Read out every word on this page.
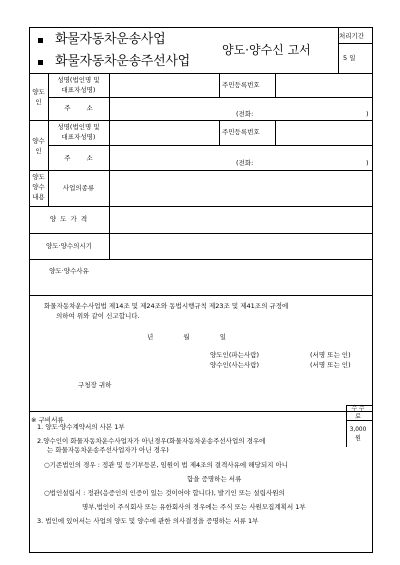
화물자동차운송사업
화물자동차운송주선사업
양도·양수신 고서
처리기간
5 일
양도
인
성명(법인명 및
대표자성명)
주민등록번호
주 소
(전화:	)
양수
인
성명(법인명 및
대표자성명)
주민등록번호
주 소
(전화:	)
양도
양수
내용
사업의종류
양 도 가 격
양도·양수의시기
양도·양수사유
화물자동차운수사업법 제14조 및 제24조와 동법시행규칙 제23조 및 제41조의 규정에
의하여 위와 같이 신고합니다.
년 월 일
양도인(파는사람)	(서명 또는 인)
양수인(사는사람)	(서명 또는 인)
구청장 귀하
※ 구비서류
수 수
료
3,000
원
1. 양도·양수계약서의 사본 1부
2.양수인이 화물자동차운수사업자가 아닌경우(화물자동차운송주선사업의 경우에
는 화물자동차운송주선사업자가 아닌 경우)
○기존법인의 경우 : 정관 및 등기부등본, 임원이 법 제4조의 결격사유에 해당되지 아니
함을 증명하는 서류
○법인설립시 : 정관(응증인의 인증이 있는 것이어야 합니다), 발기인 또는 설립사원의
명부,법인이 주식회사 또는 유한회사의 경우에는 주식 또는 사원모집계획서 1부
3. 법인에 있어서는 사업의 양도 및 양수에 관한 의사결정을 증명하는 서류 1부
